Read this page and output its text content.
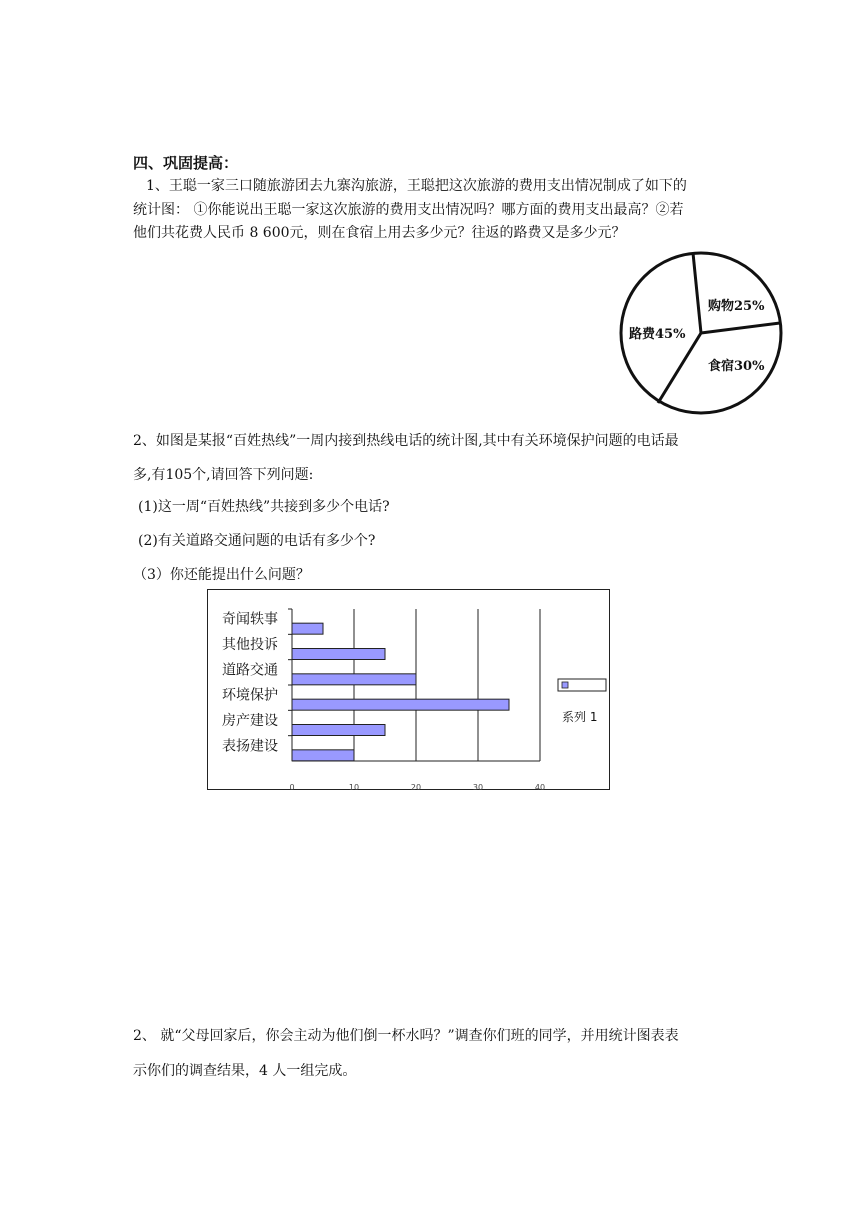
四、巩固提高：
1、王聪一家三口随旅游团去九寨沟旅游，王聪把这次旅游的费用支出情况制成了如下的
统计图： ①你能说出王聪一家这次旅游的费用支出情况吗？哪方面的费用支出最高？②若
他们共花费人民币 8 600元，则在食宿上用去多少元？往返的路费又是多少元？
购物25%
食宿30%
路费45%
2、如图是某报“百姓热线”一周内接到热线电话的统计图,其中有关环境保护问题的电话最
多,有105个,请回答下列问题:
(1)这一周“百姓热线”共接到多少个电话?
(2)有关道路交通问题的电话有多少个?
（3）你还能提出什么问题？
奇闻轶事
其他投诉
道路交通
环境保护
房产建设
表扬建设
0	10	20	30	40
系列 1
2、 就“父母回家后，你会主动为他们倒一杯水吗？”调查你们班的同学，并用统计图表表
示你们的调查结果，4 人一组完成。
